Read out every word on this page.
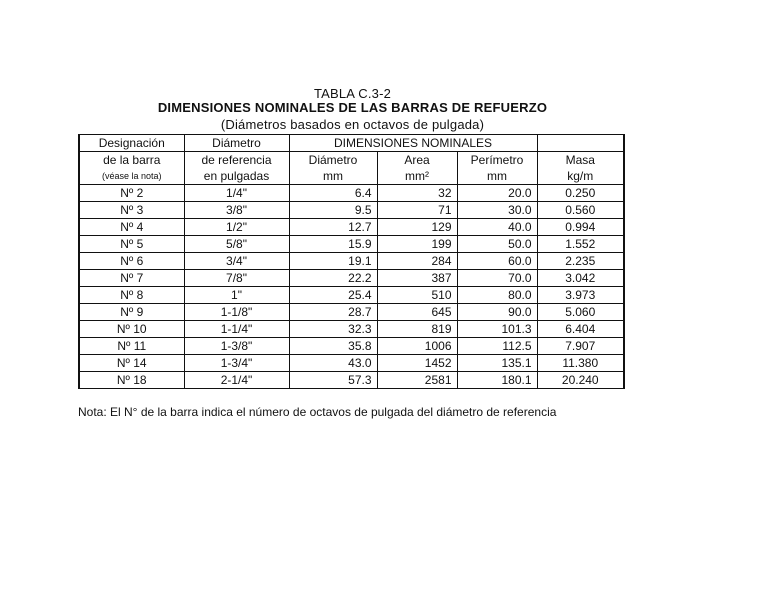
TABLA C.3-2
DIMENSIONES NOMINALES DE LAS BARRAS DE REFUERZO
(Diámetros basados en octavos de pulgada)
Designación	Diámetro	DIMENSIONES NOMINALES			
de la barra	de referencia	Diámetro	Area	Perímetro	Masa
(véase la nota)	en pulgadas	mm	mm²	mm	kg/m
Nº 2	1/4"	6.4	32	20.0	0.250
Nº 3	3/8"	9.5	71	30.0	0.560
Nº 4	1/2"	12.7	129	40.0	0.994
Nº 5	5/8"	15.9	199	50.0	1.552
Nº 6	3/4"	19.1	284	60.0	2.235
Nº 7	7/8"	22.2	387	70.0	3.042
Nº 8	1"	25.4	510	80.0	3.973
Nº 9	1-1/8"	28.7	645	90.0	5.060
Nº 10	1-1/4"	32.3	819	101.3	6.404
Nº 11	1-3/8"	35.8	1006	112.5	7.907
Nº 14	1-3/4"	43.0	1452	135.1	11.380
Nº 18	2-1/4"	57.3	2581	180.1	20.240
Nota: El N° de la barra indica el número de octavos de pulgada del diámetro de referencia
